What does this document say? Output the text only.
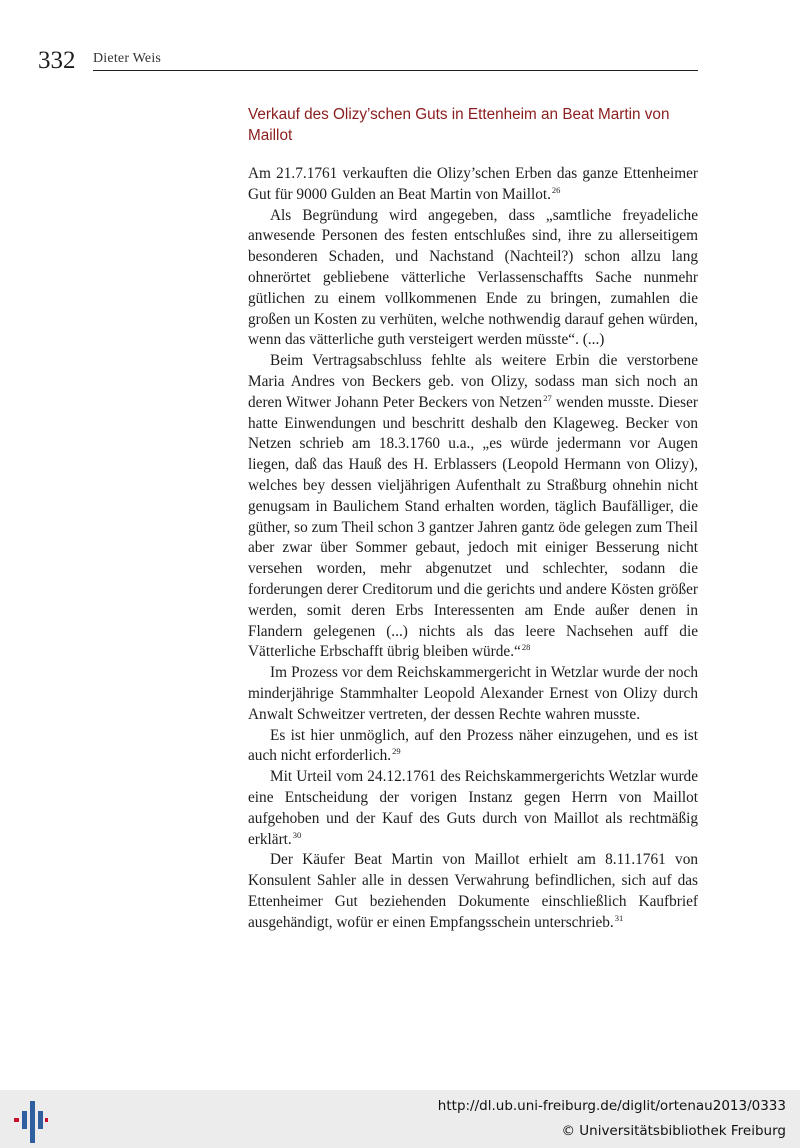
332 Dieter Weis
Verkauf des Olizy’schen Guts in Ettenheim an Beat Martin von Maillot

Am 21.7.1761 verkauften die Olizy’schen Erben das ganze Ettenheimer Gut für 9000 Gulden an Beat Martin von Maillot.$^{26}$

Als Begründung wird angegeben, dass „samtliche freyadeliche anwesende Personen des festen entschlußes sind, ihre zu allerseitigem besonderen Schaden, und Nachstand (Nachteil?) schon allzu lang ohnerörtet gebliebene vätterliche Verlassenschaffts Sache nunmehr gütlichen zu einem vollkommenen Ende zu bringen, zumahlen die großen un Kosten zu verhüten, welche nothwendig darauf gehen würden, wenn das vätterliche guth versteigert werden müsste“. (...)

Beim Vertragsabschluss fehlte als weitere Erbin die verstorbene Maria Andres von Beckers geb. von Olizy, sodass man sich noch an deren Witwer Johann Peter Beckers von Netzen$^{27}$ wenden musste. Dieser hatte Einwendungen und beschritt deshalb den Klageweg. Becker von Netzen schrieb am 18.3.1760 u.a., „es würde jedermann vor Augen liegen, daß das Hauß des H. Erblassers (Leopold Hermann von Olizy), welches bey dessen vieljährigen Aufenthalt zu Straßburg ohnehin nicht genugsam in Baulichem Stand erhalten worden, täglich Baufälliger, die güther, so zum Theil schon 3 gantzer Jahren gantz öde gelegen zum Theil aber zwar über Sommer gebaut, jedoch mit einiger Besserung nicht versehen worden, mehr abgenutzet und schlechter, sodann die forderungen derer Creditorum und die gerichts und andere Kösten größer werden, somit deren Erbs Interessenten am Ende außer denen in Flandern gelegenen (...) nichts als das leere Nachsehen auff die Vätterliche Erbschafft übrig bleiben würde.“$^{28}$

Im Prozess vor dem Reichskammergericht in Wetzlar wurde der noch minderjährige Stammhalter Leopold Alexander Ernest von Olizy durch Anwalt Schweitzer vertreten, der dessen Rechte wahren musste.

Es ist hier unmöglich, auf den Prozess näher einzugehen, und es ist auch nicht erforderlich.$^{29}$

Mit Urteil vom 24.12.1761 des Reichskammergerichts Wetzlar wurde eine Entscheidung der vorigen Instanz gegen Herrn von Maillot aufgehoben und der Kauf des Guts durch von Maillot als rechtmäßig erklärt.$^{30}$

Der Käufer Beat Martin von Maillot erhielt am 8.11.1761 von Konsulent Sahler alle in dessen Verwahrung befindlichen, sich auf das Ettenheimer Gut beziehenden Dokumente einschließlich Kaufbrief ausgehändigt, wofür er einen Empfangsschein unterschrieb.$^{31}$

http://dl.ub.uni-freiburg.de/diglit/ortenau2013/0333
© Universitätsbibliothek Freiburg
